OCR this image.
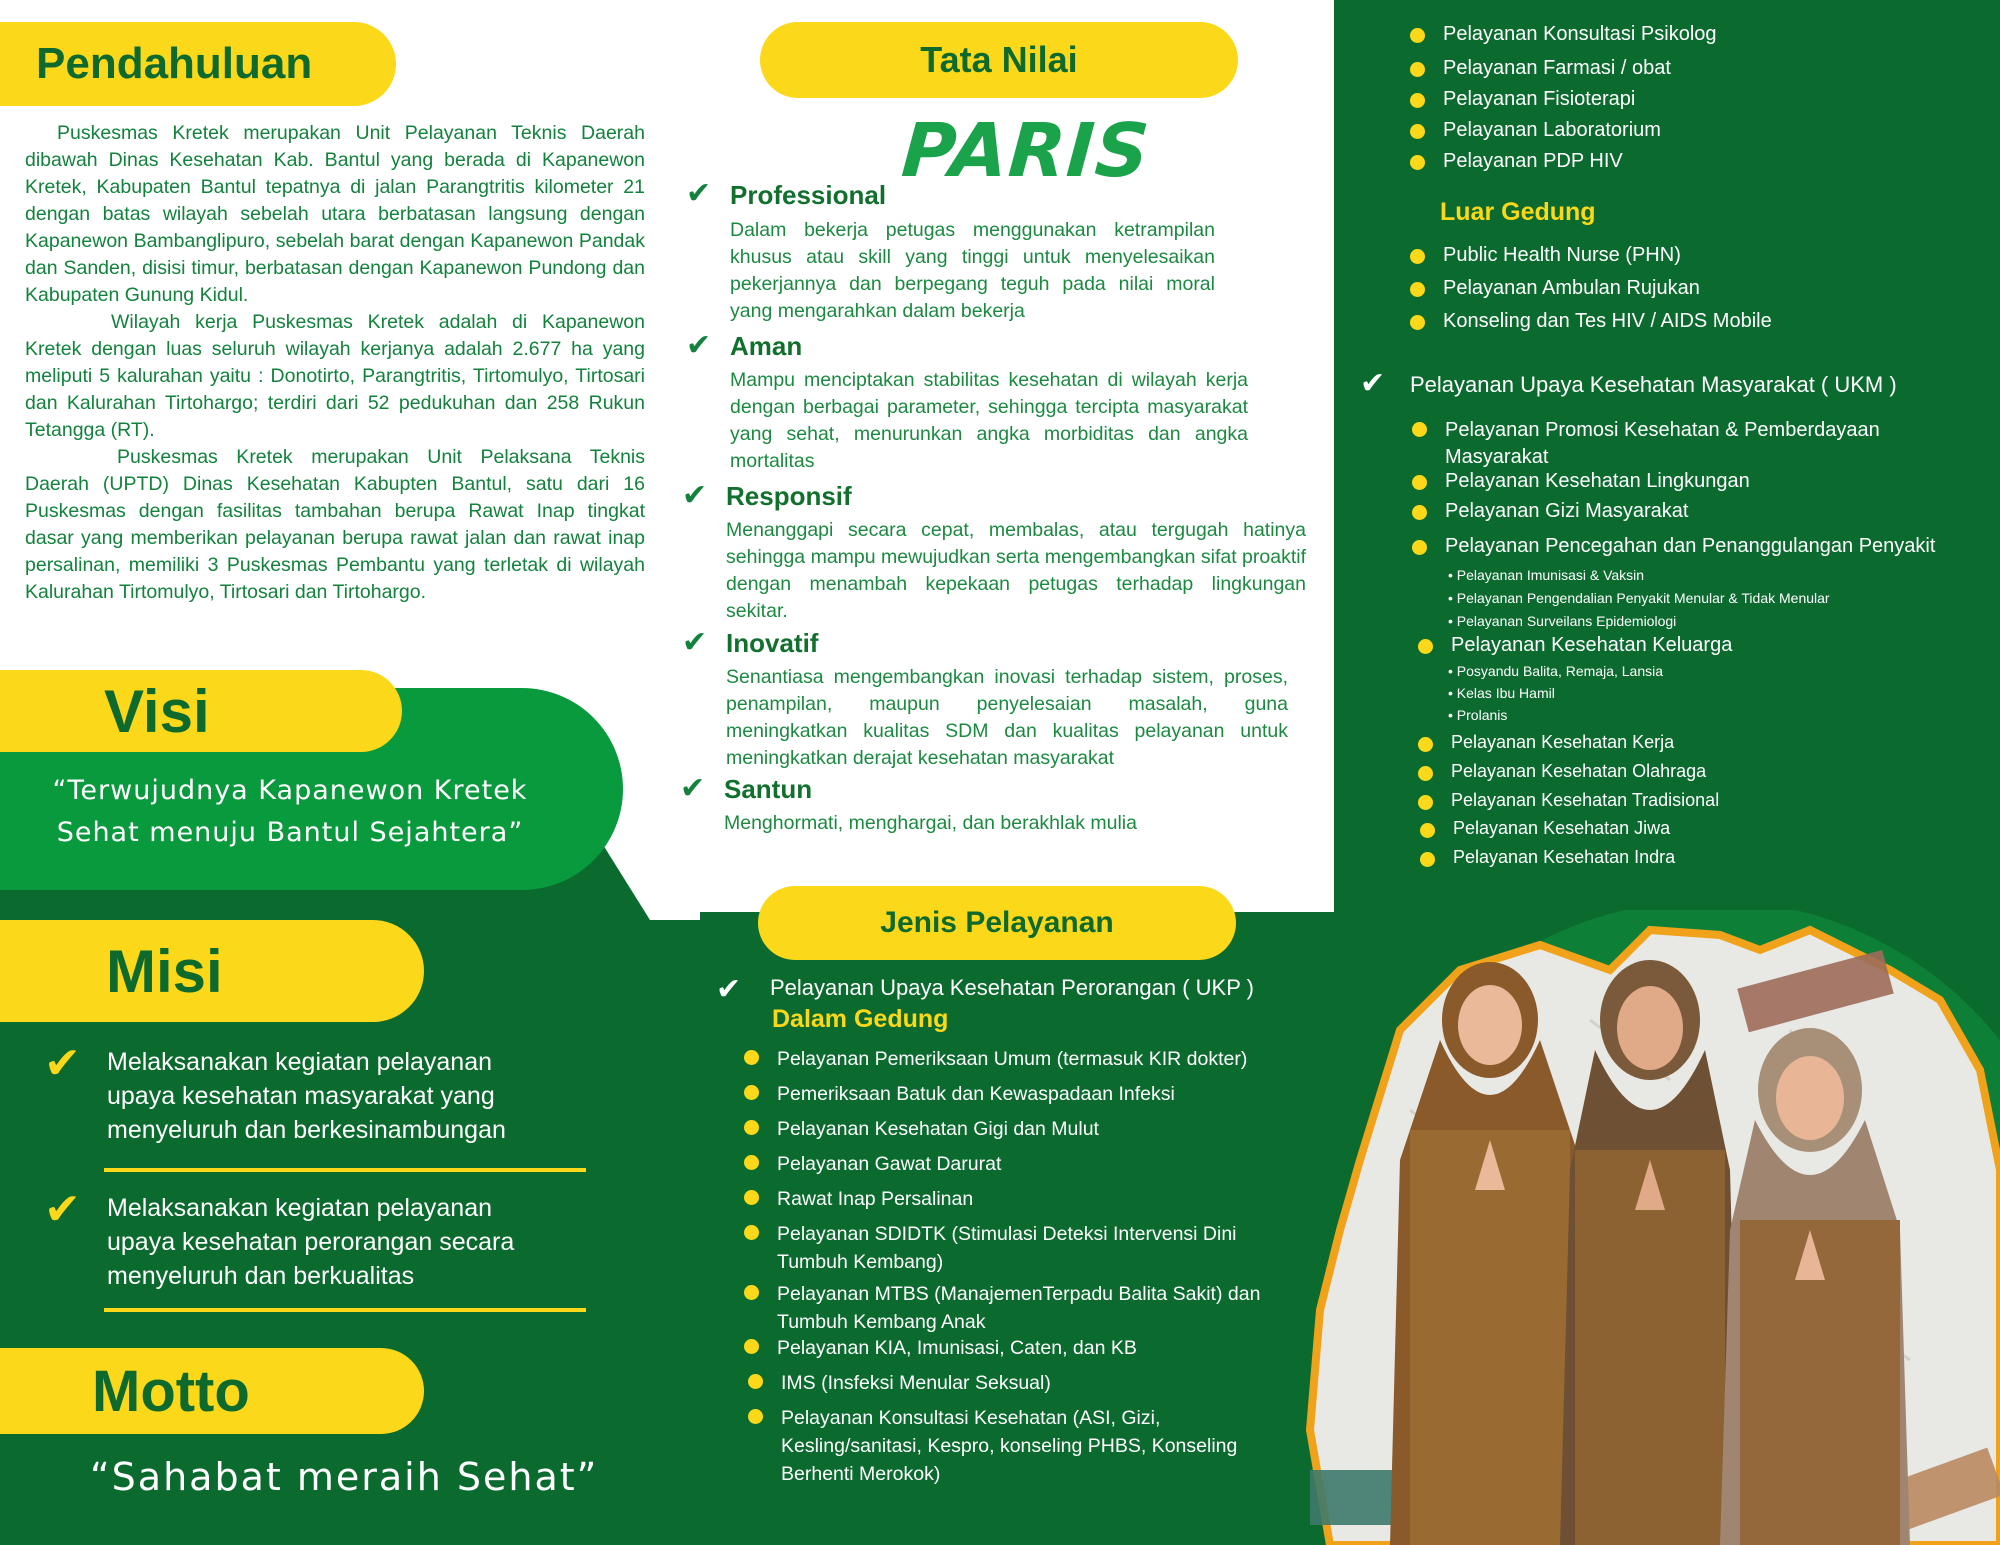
Pendahuluan
Puskesmas Kretek merupakan Unit Pelayanan Teknis Daerah dibawah Dinas Kesehatan Kab. Bantul yang berada di Kapanewon Kretek, Kabupaten Bantul tepatnya di jalan Parangtritis kilometer 21 dengan batas wilayah sebelah utara berbatasan langsung dengan Kapanewon Bambanglipuro, sebelah barat dengan Kapanewon Pandak dan Sanden, disisi timur, berbatasan dengan Kapanewon Pundong dan Kabupaten Gunung Kidul.
Wilayah kerja Puskesmas Kretek adalah di Kapanewon Kretek dengan luas seluruh wilayah kerjanya adalah 2.677 ha yang meliputi 5 kalurahan yaitu : Donotirto, Parangtritis, Tirtomulyo, Tirtosari dan Kalurahan Tirtohargo; terdiri dari 52 pedukuhan dan 258 Rukun Tetangga (RT).
Puskesmas Kretek merupakan Unit Pelaksana Teknis Daerah (UPTD) Dinas Kesehatan Kabupten Bantul, satu dari 16 Puskesmas dengan fasilitas tambahan berupa Rawat Inap tingkat dasar yang memberikan pelayanan berupa rawat jalan dan rawat inap persalinan, memiliki 3 Puskesmas Pembantu yang terletak di wilayah Kalurahan Tirtomulyo, Tirtosari dan Tirtohargo.
Visi
“Terwujudnya Kapanewon Kretek
Sehat menuju Bantul Sejahtera”
Misi
✔ Melaksanakan kegiatan pelayanan
upaya kesehatan masyarakat yang
menyeluruh dan berkesinambungan
✔ Melaksanakan kegiatan pelayanan
upaya kesehatan perorangan secara
menyeluruh dan berkualitas
Motto
“Sahabat meraih Sehat”
Tata Nilai
PARIS
✔ Professional
Dalam bekerja petugas menggunakan ketrampilan khusus atau skill yang tinggi untuk menyelesaikan pekerjannya dan berpegang teguh pada nilai moral yang mengarahkan dalam bekerja
✔ Aman
Mampu menciptakan stabilitas kesehatan di wilayah kerja dengan berbagai parameter, sehingga tercipta masyarakat yang sehat, menurunkan angka morbiditas dan angka mortalitas
✔ Responsif
Menanggapi secara cepat, membalas, atau tergugah hatinya sehingga mampu mewujudkan serta mengembangkan sifat proaktif dengan menambah kepekaan petugas terhadap lingkungan sekitar.
✔ Inovatif
Senantiasa mengembangkan inovasi terhadap sistem, proses, penampilan, maupun penyelesaian masalah, guna meningkatkan kualitas SDM dan kualitas pelayanan untuk meningkatkan derajat kesehatan masyarakat
✔ Santun
Menghormati, menghargai, dan berakhlak mulia
Jenis Pelayanan
✔ Pelayanan Upaya Kesehatan Perorangan ( UKP )
Dalam Gedung
Pelayanan Pemeriksaan Umum (termasuk KIR dokter)
Pemeriksaan Batuk dan Kewaspadaan Infeksi
Pelayanan Kesehatan Gigi dan Mulut
Pelayanan Gawat Darurat
Rawat Inap Persalinan
Pelayanan SDIDTK (Stimulasi Deteksi Intervensi Dini Tumbuh Kembang)
Pelayanan MTBS (ManajemenTerpadu Balita Sakit) dan Tumbuh Kembang Anak
Pelayanan KIA, Imunisasi, Caten, dan KB
IMS (Insfeksi Menular Seksual)
Pelayanan Konsultasi Kesehatan (ASI, Gizi, Kesling/sanitasi, Kespro, konseling PHBS, Konseling Berhenti Merokok)
Pelayanan Konsultasi Psikolog
Pelayanan Farmasi / obat
Pelayanan Fisioterapi
Pelayanan Laboratorium
Pelayanan PDP HIV
Luar Gedung
Public Health Nurse (PHN)
Pelayanan Ambulan Rujukan
Konseling dan Tes HIV / AIDS Mobile
✔ Pelayanan Upaya Kesehatan Masyarakat ( UKM )
Pelayanan Promosi Kesehatan & Pemberdayaan Masyarakat
Pelayanan Kesehatan Lingkungan
Pelayanan Gizi Masyarakat
Pelayanan Pencegahan dan Penanggulangan Penyakit
• Pelayanan Imunisasi & Vaksin
• Pelayanan Pengendalian Penyakit Menular & Tidak Menular
• Pelayanan Surveilans Epidemiologi
Pelayanan Kesehatan Keluarga
• Posyandu Balita, Remaja, Lansia
• Kelas Ibu Hamil
• Prolanis
Pelayanan Kesehatan Kerja
Pelayanan Kesehatan Olahraga
Pelayanan Kesehatan Tradisional
Pelayanan Kesehatan Jiwa
Pelayanan Kesehatan Indra
